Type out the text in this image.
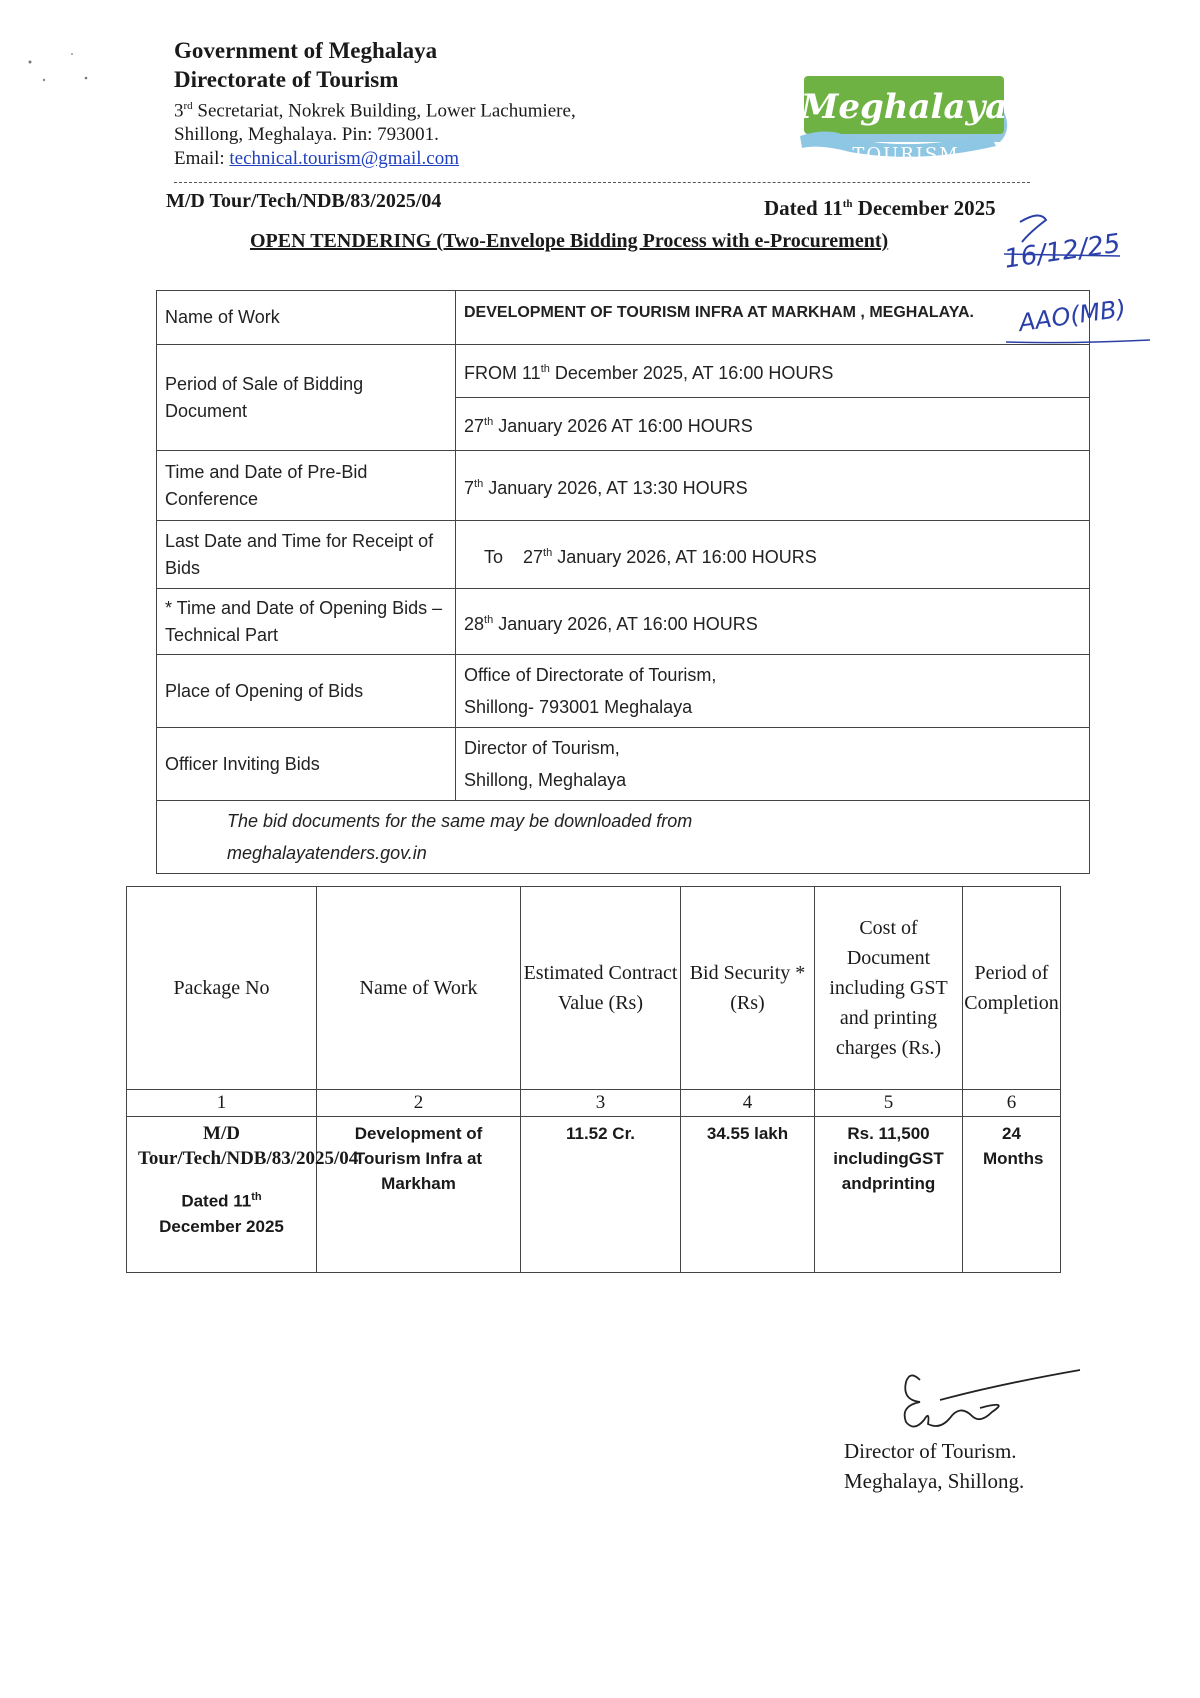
Government of Meghalaya
Directorate of Tourism
3rd Secretariat, Nokrek Building, Lower Lachumiere,
Shillong, Meghalaya. Pin: 793001.
Email: technical.tourism@gmail.com
Meghalaya
TOURISM
M/D Tour/Tech/NDB/83/2025/04	Dated 11th December 2025
OPEN TENDERING (Two-Envelope Bidding Process with e-Procurement)	16/12/25
AAO(MB)
Name of Work	DEVELOPMENT OF TOURISM INFRA AT MARKHAM , MEGHALAYA.
Period of Sale of Bidding Document	FROM 11th December 2025, AT 16:00 HOURS
	27th January 2026 AT 16:00 HOURS
Time and Date of Pre-Bid Conference	7th January 2026, AT 13:30 HOURS
Last Date and Time for Receipt of Bids	To    27th January 2026, AT 16:00 HOURS
* Time and Date of Opening Bids – Technical Part	28th January 2026, AT 16:00 HOURS
Place of Opening of Bids	Office of Directorate of Tourism,
Shillong- 793001 Meghalaya

Officer Inviting Bids	Director of Tourism,
Shillong, Meghalaya

The bid documents for the same may be downloaded from
meghalayatenders.gov.in	
Package No	Name of Work	Estimated Contract Value (Rs)	Bid Security *(Rs)	Cost of Document including GST and printing charges (Rs.)	Period of Completion
1	2	3	4	5	6

M/D Tour/Tech/NDB/83/2025/04
Dated 11th
December 2025	Development of Tourism Infra at Markham	11.52 Cr.	34.55 lakh	Rs. 11,500 includingGST andprinting	24 Months
Director of Tourism.
Meghalaya, Shillong.
